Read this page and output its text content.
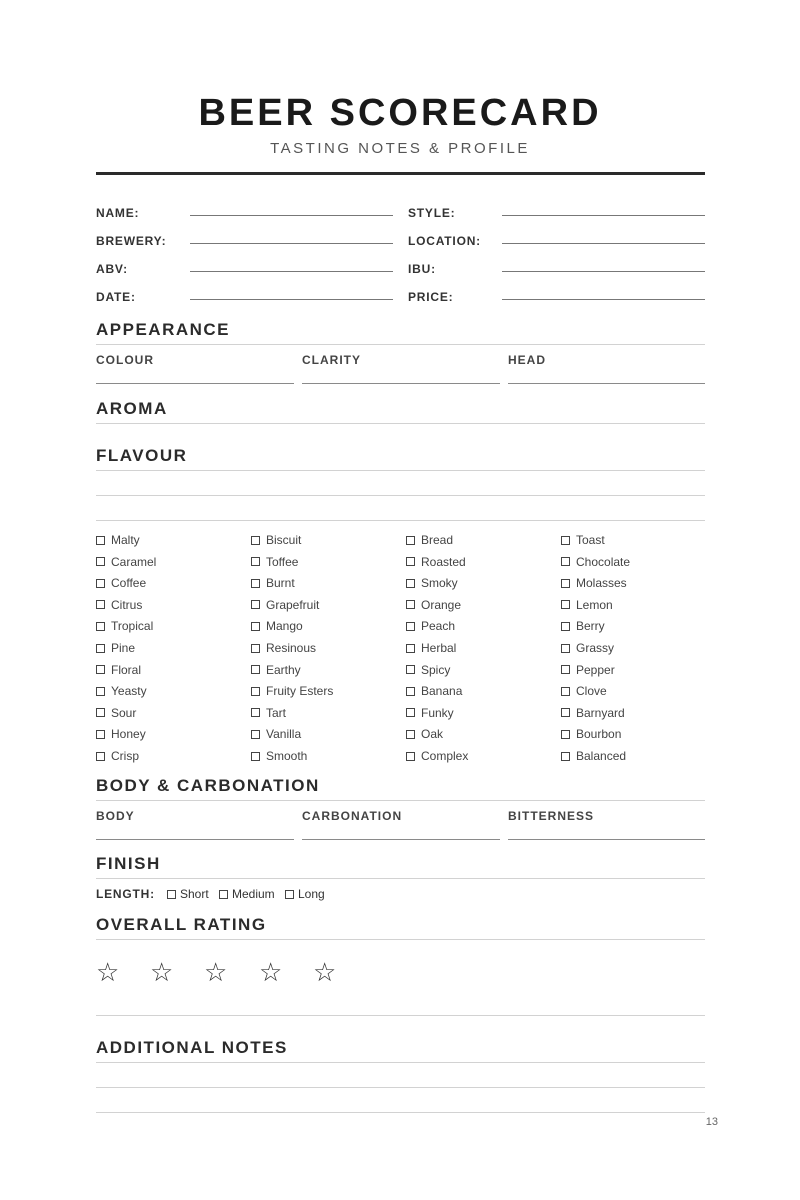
BEER SCORECARD
TASTING NOTES & PROFILE
NAME:	STYLE:
BREWERY:	LOCATION:
ABV:	IBU:
DATE:	PRICE:
APPEARANCE
COLOUR	CLARITY	HEAD
AROMA
FLAVOUR
Malty	Biscuit	Bread	Toast
Caramel	Toffee	Roasted	Chocolate
Coffee	Burnt	Smoky	Molasses
Citrus	Grapefruit	Orange	Lemon
Tropical	Mango	Peach	Berry
Pine	Resinous	Herbal	Grassy
Floral	Earthy	Spicy	Pepper
Yeasty	Fruity Esters	Banana	Clove
Sour	Tart	Funky	Barnyard
Honey	Vanilla	Oak	Bourbon
Crisp	Smooth	Complex	Balanced
BODY & CARBONATION
BODY	CARBONATION	BITTERNESS
FINISH
LENGTH: Short Medium Long
OVERALL RATING
☆ ☆ ☆ ☆ ☆
ADDITIONAL NOTES
13
